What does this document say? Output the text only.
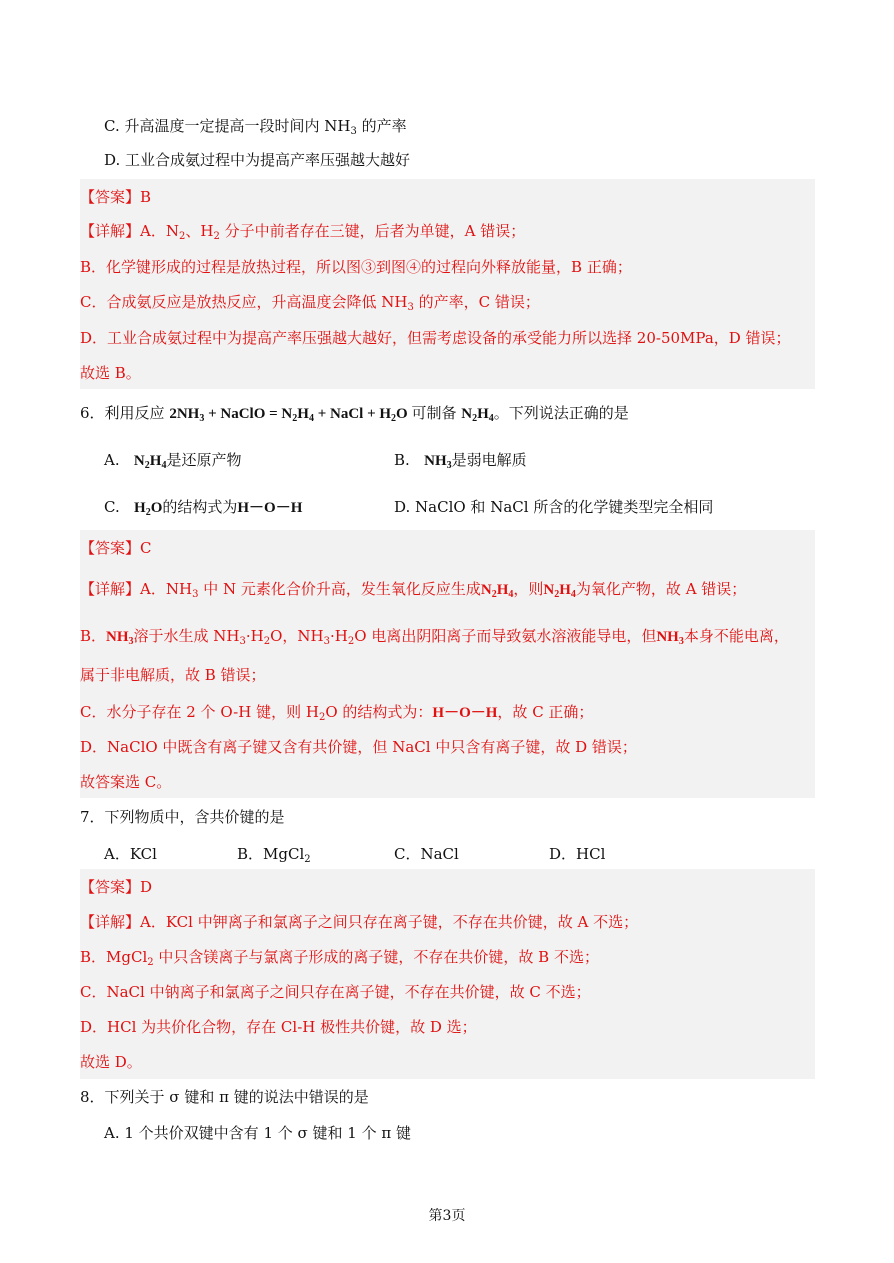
C. 升高温度一定提高一段时间内 $NH_3$ 的产率
D. 工业合成氨过程中为提高产率压强越大越好
【答案】B
【详解】A．$N_2$、$H_2$ 分子中前者存在三键，后者为单键，A 错误；
B．化学键形成的过程是放热过程，所以图③到图④的过程向外释放能量，B 正确；
C．合成氨反应是放热反应，升高温度会降低 $NH_3$ 的产率，C 错误；
D．工业合成氨过程中为提高产率压强越大越好，但需考虑设备的承受能力所以选择 20-50MPa，D 错误；
故选 B。
6．利用反应 $2NH_3$ + NaClO = $N_2H_4$ + NaCl + $H_2O$ 可制备 $N_2H_4$。下列说法正确的是
A. $N_2H_4$是还原产物	B. $NH_3$是弱电解质
C. $H_2O$的结构式为H－O－H	D. NaClO 和 NaCl 所含的化学键类型完全相同
【答案】C
【详解】A．$NH_3$ 中 N 元素化合价升高，发生氧化反应生成$N_2H_4$，则$N_2H_4$为氧化产物，故 A 错误；
B．$NH_3$溶于水生成 $NH_3\cdot H_2O$，$NH_3\cdot H_2O$ 电离出阴阳离子而导致氨水溶液能导电，但$NH_3$本身不能电离，
属于非电解质，故 B 错误；
C．水分子存在 2 个 O-H 键，则 $H_2O$ 的结构式为：H－O－H，故 C 正确；
D．NaClO 中既含有离子键又含有共价键，但 NaCl 中只含有离子键，故 D 错误；
故答案选 C。
7．下列物质中，含共价键的是
A．KCl	B．MgCl$_2$	C．NaCl	D．HCl
【答案】D
【详解】A．KCl 中钾离子和氯离子之间只存在离子键，不存在共价键，故 A 不选；
B．MgCl$_2$ 中只含镁离子与氯离子形成的离子键，不存在共价键，故 B 不选；
C．NaCl 中钠离子和氯离子之间只存在离子键，不存在共价键，故 C 不选；
D．HCl 为共价化合物，存在 Cl-H 极性共价键，故 D 选；
故选 D。
8．下列关于 σ 键和 π 键的说法中错误的是
A. 1 个共价双键中含有 1 个 σ 键和 1 个 π 键
第3页
